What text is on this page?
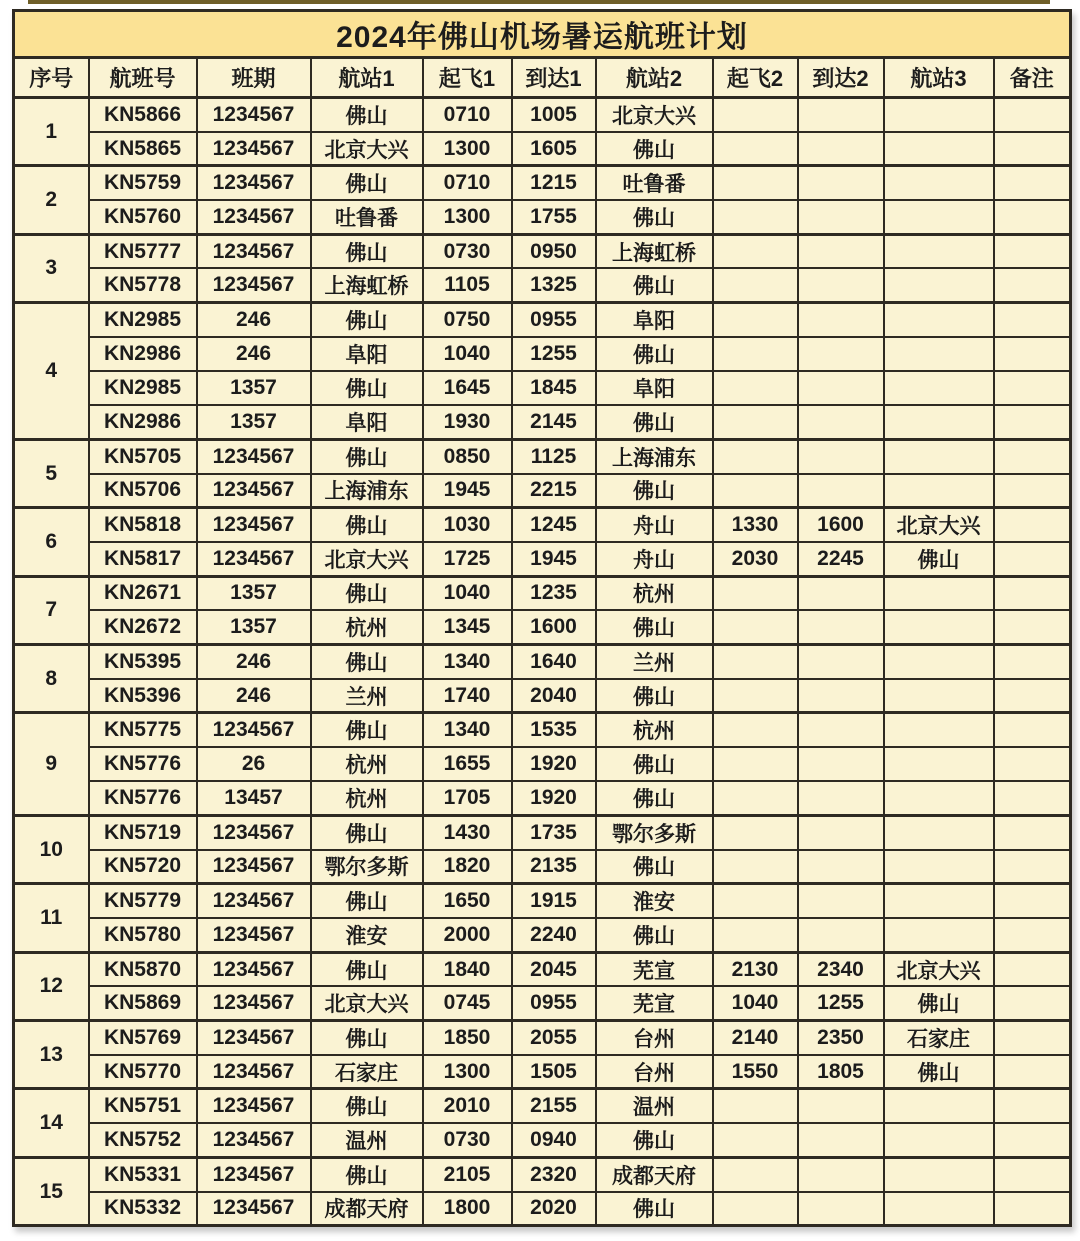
2024年佛山机场暑运航班计划										
序号	航班号	班期	航站1	起飞1	到达1	航站2	起飞2	到达2	航站3	备注
1	KN5866	1234567	佛山	0710	1005	北京大兴				
	KN5865	1234567	北京大兴	1300	1605	佛山				
2	KN5759	1234567	佛山	0710	1215	吐鲁番				
	KN5760	1234567	吐鲁番	1300	1755	佛山				
3	KN5777	1234567	佛山	0730	0950	上海虹桥				
	KN5778	1234567	上海虹桥	1105	1325	佛山				
4	KN2985	246	佛山	0750	0955	阜阳				
	KN2986	246	阜阳	1040	1255	佛山				
	KN2985	1357	佛山	1645	1845	阜阳				
	KN2986	1357	阜阳	1930	2145	佛山				
5	KN5705	1234567	佛山	0850	1125	上海浦东				
	KN5706	1234567	上海浦东	1945	2215	佛山				
6	KN5818	1234567	佛山	1030	1245	舟山	1330	1600	北京大兴	
	KN5817	1234567	北京大兴	1725	1945	舟山	2030	2245	佛山	
7	KN2671	1357	佛山	1040	1235	杭州				
	KN2672	1357	杭州	1345	1600	佛山				
8	KN5395	246	佛山	1340	1640	兰州				
	KN5396	246	兰州	1740	2040	佛山				
9	KN5775	1234567	佛山	1340	1535	杭州				
	KN5776	26	杭州	1655	1920	佛山				
	KN5776	13457	杭州	1705	1920	佛山				
10	KN5719	1234567	佛山	1430	1735	鄂尔多斯				
	KN5720	1234567	鄂尔多斯	1820	2135	佛山				
11	KN5779	1234567	佛山	1650	1915	淮安				
	KN5780	1234567	淮安	2000	2240	佛山				
12	KN5870	1234567	佛山	1840	2045	芜宣	2130	2340	北京大兴	
	KN5869	1234567	北京大兴	0745	0955	芜宣	1040	1255	佛山	
13	KN5769	1234567	佛山	1850	2055	台州	2140	2350	石家庄	
	KN5770	1234567	石家庄	1300	1505	台州	1550	1805	佛山	
14	KN5751	1234567	佛山	2010	2155	温州				
	KN5752	1234567	温州	0730	0940	佛山				
15	KN5331	1234567	佛山	2105	2320	成都天府				
	KN5332	1234567	成都天府	1800	2020	佛山				
